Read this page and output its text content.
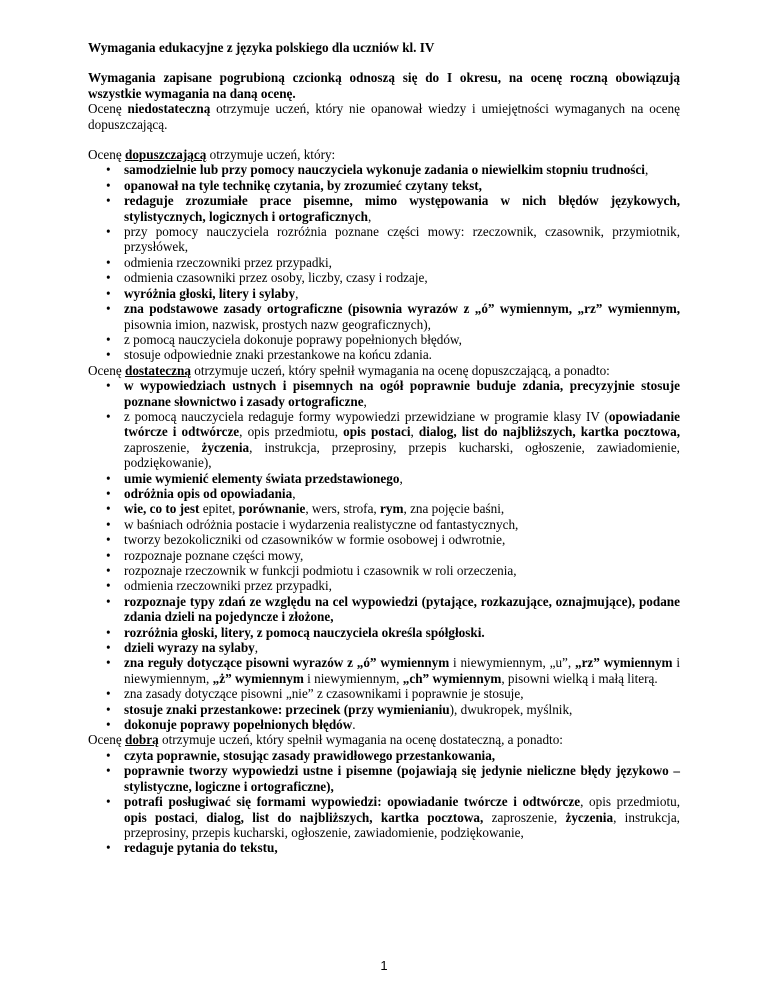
Wymagania edukacyjne z języka polskiego dla uczniów kl. IV

Wymagania zapisane pogrubioną czcionką odnoszą się do I okresu, na ocenę roczną obowiązują wszystkie wymagania na daną ocenę.

Ocenę niedostateczną otrzymuje uczeń, który nie opanował wiedzy i umiejętności wymaganych na ocenę dopuszczającą.

Ocenę dopuszczającą otrzymuje uczeń, który:

• samodzielnie lub przy pomocy nauczyciela wykonuje zadania o niewielkim stopniu trudności,
• opanował na tyle technikę czytania, by zrozumieć czytany tekst,
• redaguje zrozumiałe prace pisemne, mimo występowania w nich błędów językowych, stylistycznych, logicznych i ortograficznych,
• przy pomocy nauczyciela rozróżnia poznane części mowy: rzeczownik, czasownik, przymiotnik, przysłówek,
• odmienia rzeczowniki przez przypadki,
• odmienia czasowniki przez osoby, liczby, czasy i rodzaje,
• wyróżnia głoski, litery i sylaby,
• zna podstawowe zasady ortograficzne (pisownia wyrazów z „ó” wymiennym, „rz” wymiennym, pisownia imion, nazwisk, prostych nazw geograficznych),
• z pomocą nauczyciela dokonuje poprawy popełnionych błędów,
• stosuje odpowiednie znaki przestankowe na końcu zdania.

Ocenę dostateczną otrzymuje uczeń, który spełnił wymagania na ocenę dopuszczającą, a ponadto:

• w wypowiedziach ustnych i pisemnych na ogół poprawnie buduje zdania, precyzyjnie stosuje poznane słownictwo i zasady ortograficzne,
• z pomocą nauczyciela redaguje formy wypowiedzi przewidziane w programie klasy IV (opowiadanie twórcze i odtwórcze, opis przedmiotu, opis postaci, dialog, list do najbliższych, kartka pocztowa, zaproszenie, życzenia, instrukcja, przeprosiny, przepis kucharski, ogłoszenie, zawiadomienie, podziękowanie),
• umie wymienić elementy świata przedstawionego,
• odróżnia opis od opowiadania,
• wie, co to jest epitet, porównanie, wers, strofa, rym, zna pojęcie baśni,
• w baśniach odróżnia postacie i wydarzenia realistyczne od fantastycznych,
• tworzy bezokoliczniki od czasowników w formie osobowej i odwrotnie,
• rozpoznaje poznane części mowy,
• rozpoznaje rzeczownik w funkcji podmiotu i czasownik w roli orzeczenia,
• odmienia rzeczowniki przez przypadki,
• rozpoznaje typy zdań ze względu na cel wypowiedzi (pytające, rozkazujące, oznajmujące), podane zdania dzieli na pojedyncze i złożone,
• rozróżnia głoski, litery, z pomocą nauczyciela określa spółgłoski.
• dzieli wyrazy na sylaby,
• zna reguły dotyczące pisowni wyrazów z „ó” wymiennym i niewymiennym, „u”, „rz” wymiennym i niewymiennym, „ż” wymiennym i niewymiennym, „ch” wymiennym, pisowni wielką i małą literą.
• zna zasady dotyczące pisowni „nie” z czasownikami i poprawnie je stosuje,
• stosuje znaki przestankowe: przecinek (przy wymienianiu), dwukropek, myślnik,
• dokonuje poprawy popełnionych błędów.

Ocenę dobrą otrzymuje uczeń, który spełnił wymagania na ocenę dostateczną, a ponadto:

• czyta poprawnie, stosując zasady prawidłowego przestankowania,
• poprawnie tworzy wypowiedzi ustne i pisemne (pojawiają się jedynie nieliczne błędy językowo – stylistyczne, logiczne i ortograficzne),
• potrafi posługiwać się formami wypowiedzi: opowiadanie twórcze i odtwórcze, opis przedmiotu, opis postaci, dialog, list do najbliższych, kartka pocztowa, zaproszenie, życzenia, instrukcja, przeprosiny, przepis kucharski, ogłoszenie, zawiadomienie, podziękowanie,
• redaguje pytania do tekstu,
1
